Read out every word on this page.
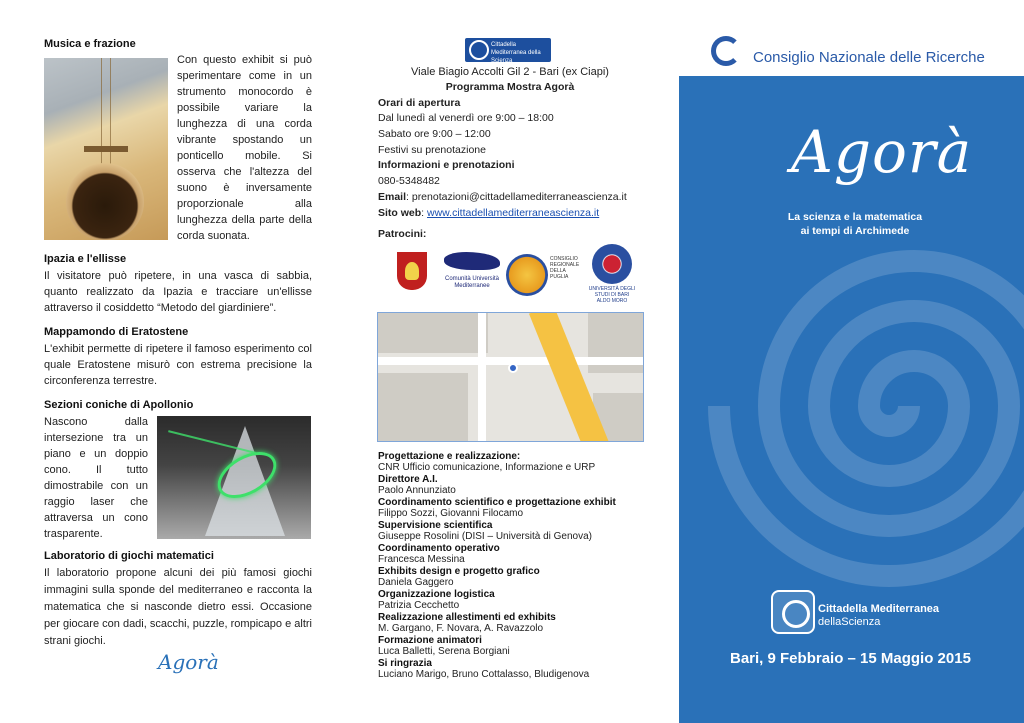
Musica e frazione
Con questo exhibit si può sperimentare come in un strumento monocordo è possibile variare la lunghezza di una corda vibrante spostando un ponticello mobile. Si osserva che l'altezza del suono è inversamente proporzionale alla lunghezza della parte della corda suonata.
Ipazia e l'ellisse
Il visitatore può ripetere, in una vasca di sabbia, quanto realizzato da Ipazia e tracciare un'ellisse attraverso il cosiddetto “Metodo del giardiniere”.
Mappamondo di Eratostene
L'exhibit permette di ripetere il famoso esperimento col quale Eratostene misurò con estrema precisione la circonferenza terrestre.
Sezioni coniche di Apollonio
Nascono dalla intersezione tra un piano e un doppio cono. Il tutto dimostrabile con un raggio laser che attraversa un cono trasparente.
Laboratorio di giochi matematici
Il laboratorio propone alcuni dei più famosi giochi immagini sulla sponde del mediterraneo e racconta la matematica che si nasconde dietro essi. Occasione per giocare con dadi, scacchi, puzzle, rompicapo e altri strani giochi.
Agorà
Cittadella Mediterranea della Scienza
Viale Biagio Accolti Gil 2 - Bari (ex Ciapi)
Programma Mostra Agorà
Orari di apertura
Dal lunedì al venerdì ore 9:00 – 18:00
Sabato ore 9:00 – 12:00
Festivi su prenotazione
Informazioni e prenotazioni
080-5348482
Email: prenotazioni@cittadellamediterraneascienza.it
Sito web: www.cittadellamediterraneascienza.it
Patrocini:
Comunità Università Mediterranee
CONSIGLIO REGIONALE DELLA PUGLIA
UNIVERSITÀ DEGLI STUDI DI BARI ALDO MORO
Progettazione e realizzazione:
CNR Ufficio comunicazione, Informazione e URP
Direttore A.I.
Paolo Annunziato
Coordinamento scientifico e progettazione exhibit
Filippo Sozzi, Giovanni Filocamo
Supervisione scientifica
Giuseppe Rosolini (DISI – Università di Genova)
Coordinamento operativo
Francesca Messina
Exhibits design e progetto grafico
Daniela Gaggero
Organizzazione logistica
Patrizia Cecchetto
Realizzazione allestimenti ed exhibits
M. Gargano, F. Novara, A. Ravazzolo
Formazione animatori
Luca Balletti, Serena Borgiani
Si ringrazia
Luciano Marigo, Bruno Cottalasso, Bludigenova
Consiglio Nazionale delle Ricerche
Agorà
La scienza e la matematica
ai tempi di Archimede
Cittadella Mediterranea
dellaScienza
Bari, 9 Febbraio – 15 Maggio 2015
